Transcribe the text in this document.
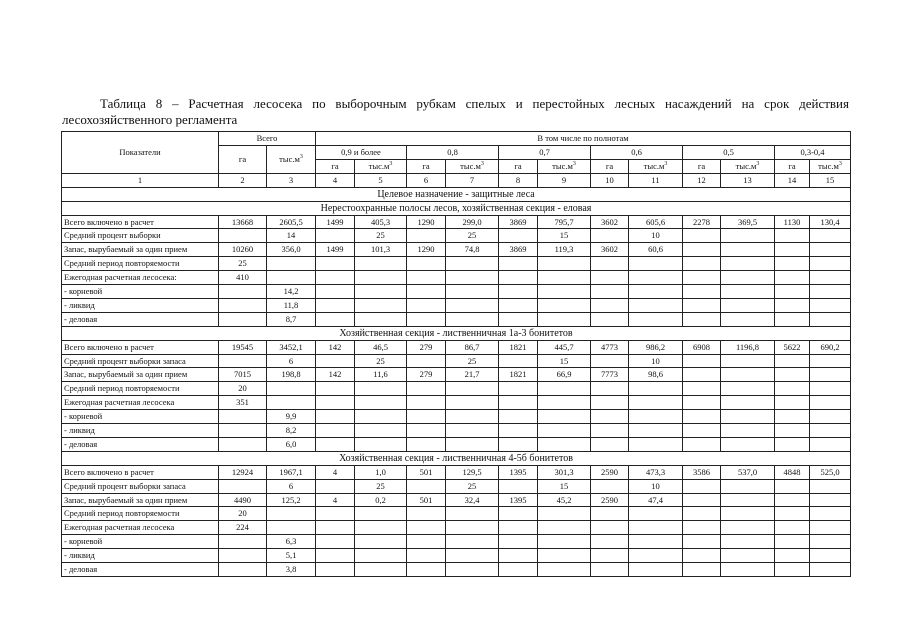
Таблица 8 – Расчетная лесосека по выборочным рубкам спелых и перестойных лесных насаждений на срок действия
лесохозяйственного регламента
Показатели	Всего		В том числе по полнотам											
	га	$тыс.м^3$	0,9 и более		0,8		0,7		0,6		0,5		0,3-0,4	
			га	$тыс.м^3$	га	$тыс.м^3$	га	$тыс.м^3$	га	$тыс.м^3$	га	$тыс.м^3$	га	$тыс.м^3$
1	2	3	4	5	6	7	8	9	10	11	12	13	14	15
Целевое назначение - защитные леса														
Нерестоохранные полосы лесов, хозяйственная секция - еловая														
Всего включено в расчет	13668	2605,5	1499	405,3	1290	299,0	3869	795,7	3602	605,6	2278	369,5	1130	130,4
Средний процент выборки		14		25		25		15		10				
Запас, вырубаемый за один прием	10260	356,0	1499	101,3	1290	74,8	3869	119,3	3602	60,6				
Средний период повторяемости	25													
Ежегодная расчетная лесосека:	410													
- корневой		14,2												
- ликвид		11,8												
- деловая		8,7												
Хозяйственная секция - лиственничная 1а-3 бонитетов														
Всего включено в расчет	19545	3452,1	142	46,5	279	86,7	1821	445,7	4773	986,2	6908	1196,8	5622	690,2
Средний процент выборки запаса		6		25		25		15		10				
Запас, вырубаемый за один прием	7015	198,8	142	11,6	279	21,7	1821	66,9	7773	98,6				
Средний период повторяемости	20													
Ежегодная расчетная лесосека	351													
- корневой		9,9												
- ликвид		8,2												
- деловая		6,0												
Хозяйственная секция - лиственничная 4-5б бонитетов														
Всего включено в расчет	12924	1967,1	4	1,0	501	129,5	1395	301,3	2590	473,3	3586	537,0	4848	525,0
Средний процент выборки запаса		6		25		25		15		10				
Запас, вырубаемый за один прием	4490	125,2	4	0,2	501	32,4	1395	45,2	2590	47,4				
Средний период повторяемости	20													
Ежегодная расчетная лесосека	224													
- корневой		6,3												
- ликвид		5,1												
- деловая		3,8												
